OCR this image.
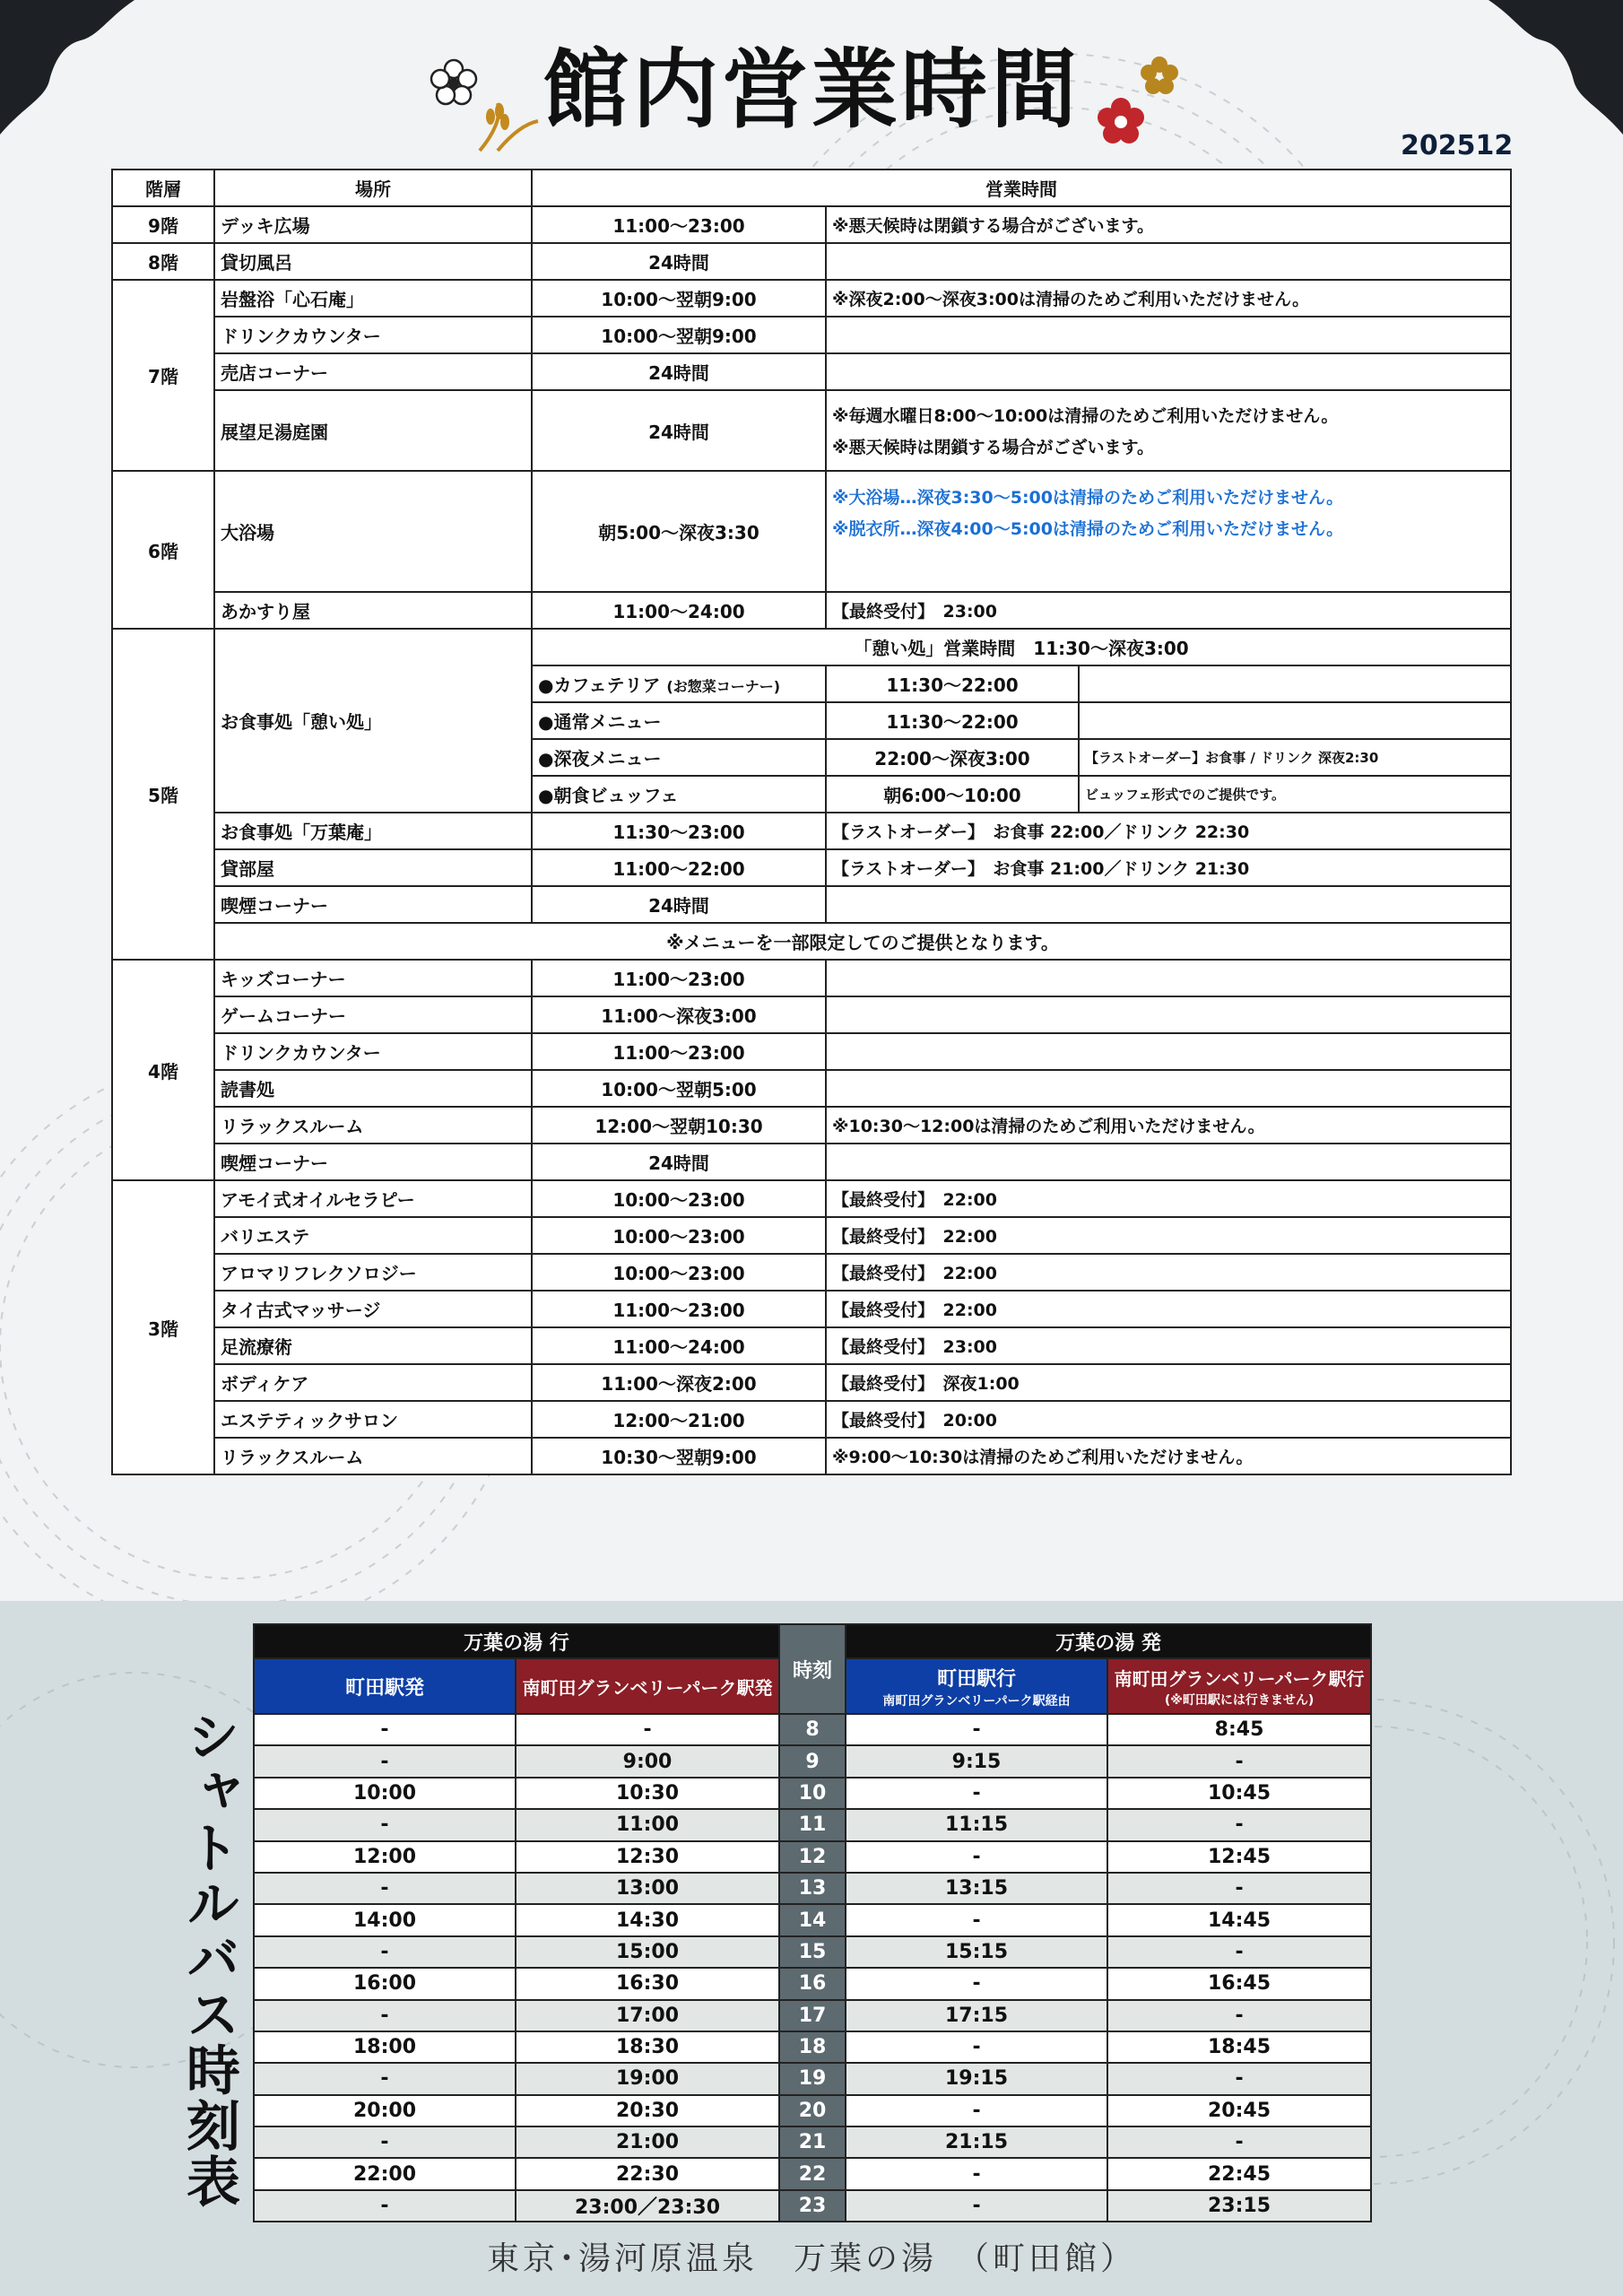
館内営業時間
202512
階層	場所	営業時間		
9階	デッキ広場	11:00〜23:00	※悪天候時は閉鎖する場合がございます。	
8階	貸切風呂	24時間		
7階	岩盤浴「心石庵」	10:00〜翌朝9:00	※深夜2:00〜深夜3:00は清掃のためご利用いただけません。	
	ドリンクカウンター	10:00〜翌朝9:00		
	売店コーナー	24時間		
	展望足湯庭園	24時間	※毎週水曜日8:00〜10:00は清掃のためご利用いただけません。
※悪天候時は閉鎖する場合がございます。	

6階	大浴場	朝5:00〜深夜3:30	※大浴場…深夜3:30〜5:00は清掃のためご利用いただけません。
※脱衣所…深夜4:00〜5:00は清掃のためご利用いただけません。	

	あかすり屋	11:00〜24:00	【最終受付】　23:00	
5階	お食事処「憩い処」	「憩い処」営業時間　11:30〜深夜3:00		
		●カフェテリア (お惣菜コーナー)	11:30〜22:00	
		●通常メニュー	11:30〜22:00	
		●深夜メニュー	22:00〜深夜3:00	【ラストオーダー】お食事 / ドリンク 深夜2:30
		●朝食ビュッフェ	朝6:00〜10:00	ビュッフェ形式でのご提供です。
	お食事処「万葉庵」	11:30〜23:00	【ラストオーダー】　お食事 22:00／ドリンク 22:30	
	貸部屋	11:00〜22:00	【ラストオーダー】　お食事 21:00／ドリンク 21:30	
	喫煙コーナー	24時間		
	※メニューを一部限定してのご提供となります。			
4階	キッズコーナー	11:00〜23:00		
	ゲームコーナー	11:00〜深夜3:00		
	ドリンクカウンター	11:00〜23:00		
	読書処	10:00〜翌朝5:00		
	リラックスルーム	12:00〜翌朝10:30	※10:30〜12:00は清掃のためご利用いただけません。	
	喫煙コーナー	24時間		
3階	アモイ式オイルセラピー	10:00〜23:00	【最終受付】　22:00	
	バリエステ	10:00〜23:00	【最終受付】　22:00	
	アロマリフレクソロジー	10:00〜23:00	【最終受付】　22:00	
	タイ古式マッサージ	11:00〜23:00	【最終受付】　22:00	
	足流療術	11:00〜24:00	【最終受付】　23:00	
	ボディケア	11:00〜深夜2:00	【最終受付】　深夜1:00	
	エステティックサロン	12:00〜21:00	【最終受付】　20:00	
	リラックスルーム	10:30〜翌朝9:00	※9:00〜10:30は清掃のためご利用いただけません。	
シャトルバス時刻表
万葉の湯 行		時刻	万葉の湯 発	
町田駅発	南町田グランベリーパーク駅発		町田駅行
南町田グランベリーパーク駅経由	南町田グランベリーパーク駅行
(※町田駅には行きません)

-	-	8	-	8:45
-	9:00	9	9:15	-
10:00	10:30	10	-	10:45
-	11:00	11	11:15	-
12:00	12:30	12	-	12:45
-	13:00	13	13:15	-
14:00	14:30	14	-	14:45
-	15:00	15	15:15	-
16:00	16:30	16	-	16:45
-	17:00	17	17:15	-
18:00	18:30	18	-	18:45
-	19:00	19	19:15	-
20:00	20:30	20	-	20:45
-	21:00	21	21:15	-
22:00	22:30	22	-	22:45
-	23:00／23:30	23	-	23:15
東京･湯河原温泉　万葉の湯　（町田館）
